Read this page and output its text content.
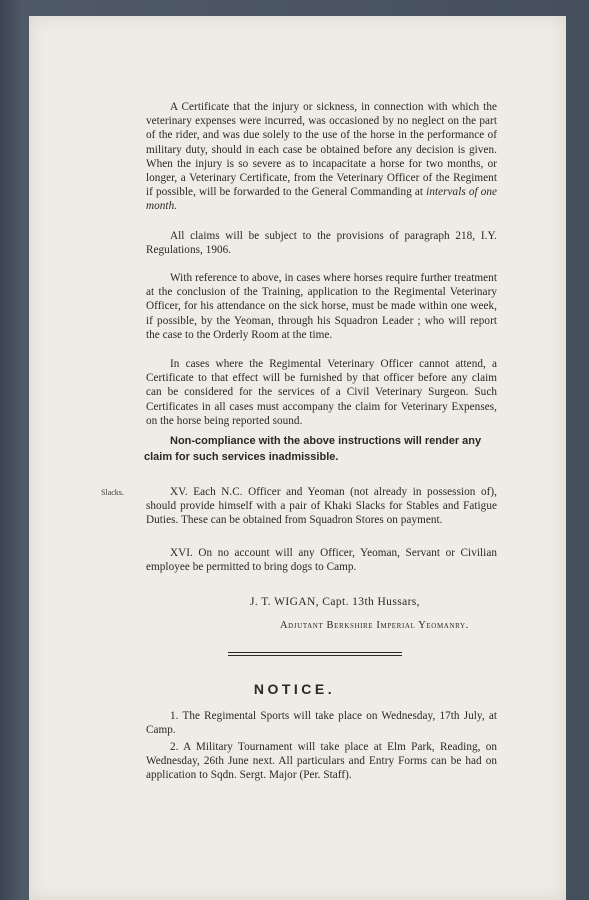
A Certificate that the injury or sickness, in connection with which the veterinary expenses were incurred, was occasioned by no neglect on the part of the rider, and was due solely to the use of the horse in the performance of military duty, should in each case be obtained before any decision is given. When the injury is so severe as to incapacitate a horse for two months, or longer, a Veterinary Certificate, from the Veterinary Officer of the Regiment if possible, will be forwarded to the General Commanding at intervals of one month.

All claims will be subject to the provisions of paragraph 218, I.Y. Regulations, 1906.

With reference to above, in cases where horses require further treatment at the conclusion of the Training, application to the Regimental Veterinary Officer, for his attendance on the sick horse, must be made within one week, if possible, by the Yeoman, through his Squadron Leader ; who will report the case to the Orderly Room at the time.

In cases where the Regimental Veterinary Officer cannot attend, a Certificate to that effect will be furnished by that officer before any claim can be considered for the services of a Civil Veterinary Surgeon. Such Certificates in all cases must accompany the claim for Veterinary Expenses, on the horse being reported sound.

Non-compliance with the above instructions will render any claim for such services inadmissible.

Slacks.	XV. Each N.C. Officer and Yeoman (not already in possession of), should provide himself with a pair of Khaki Slacks for Stables and Fatigue Duties. These can be obtained from Squadron Stores on payment.

XVI. On no account will any Officer, Yeoman, Servant or Civilian employee be permitted to bring dogs to Camp.

J. T. WIGAN, Capt. 13th Hussars,
Adjutant Berkshire Imperial Yeomanry.
NOTICE.

1. The Regimental Sports will take place on Wednesday, 17th July, at Camp.

2. A Military Tournament will take place at Elm Park, Reading, on Wednesday, 26th June next. All particulars and Entry Forms can be had on application to Sqdn. Sergt. Major (Per. Staff).
